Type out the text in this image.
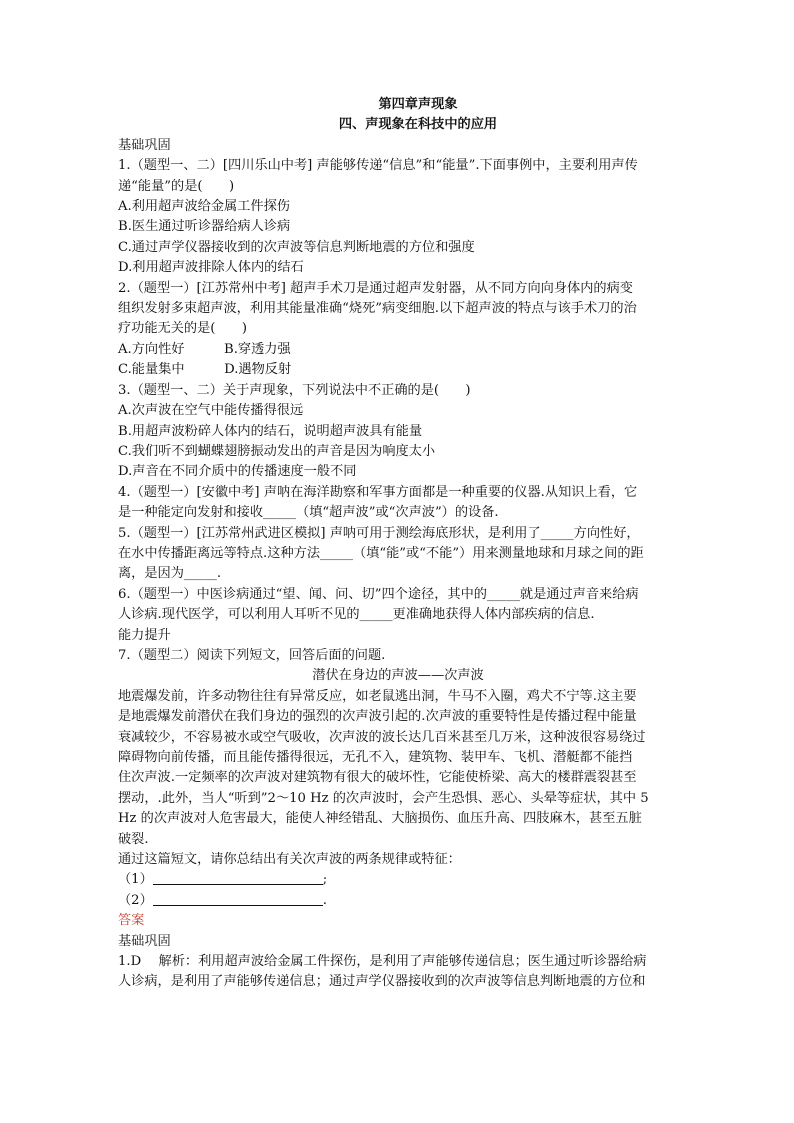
第四章声现象
四、声现象在科技中的应用

基础巩固

1.（题型一、二）[四川乐山中考] 声能够传递“信息”和“能量”.下面事例中，主要利用声传

递“能量”的是(　　)

A.利用超声波给金属工件探伤

B.医生通过听诊器给病人诊病

C.通过声学仪器接收到的次声波等信息判断地震的方位和强度

D.利用超声波排除人体内的结石

2.（题型一）[江苏常州中考] 超声手术刀是通过超声发射器，从不同方向向身体内的病变

组织发射多束超声波，利用其能量准确“烧死”病变细胞.以下超声波的特点与该手术刀的治

疗功能无关的是(　　)

A.方向性好　　　B.穿透力强

C.能量集中　　　D.遇物反射

3.（题型一、二）关于声现象，下列说法中不正确的是(　　)

A.次声波在空气中能传播得很远

B.用超声波粉碎人体内的结石，说明超声波具有能量

C.我们听不到蝴蝶翅膀振动发出的声音是因为响度太小

D.声音在不同介质中的传播速度一般不同

4.（题型一）[安徽中考] 声呐在海洋勘察和军事方面都是一种重要的仪器.从知识上看，它

是一种能定向发射和接收_____（填“超声波”或“次声波”）的设备.

5.（题型一）[江苏常州武进区模拟] 声呐可用于测绘海底形状，是利用了_____方向性好，

在水中传播距离远等特点.这种方法_____（填“能”或“不能”）用来测量地球和月球之间的距

离，是因为_____.

6.（题型一）中医诊病通过“望、闻、问、切”四个途径，其中的_____就是通过声音来给病

人诊病.现代医学，可以利用人耳听不见的_____更准确地获得人体内部疾病的信息.

能力提升

7.（题型二）阅读下列短文，回答后面的问题.

潜伏在身边的声波——次声波

地震爆发前，许多动物往往有异常反应，如老鼠逃出洞，牛马不入圈，鸡犬不宁等.这主要

是地震爆发前潜伏在我们身边的强烈的次声波引起的.次声波的重要特性是传播过程中能量

衰减较少，不容易被水或空气吸收，次声波的波长达几百米甚至几万米，这种波很容易绕过

障碍物向前传播，而且能传播得很远，无孔不入，建筑物、装甲车、飞机、潜艇都不能挡

住次声波.一定频率的次声波对建筑物有很大的破坏性，它能使桥梁、高大的楼群震裂甚至

摆动，.此外，当人“听到”2～10 Hz 的次声波时，会产生恐惧、恶心、头晕等症状，其中 5

Hz 的次声波对人危害最大，能使人神经错乱、大脑损伤、血压升高、四肢麻木，甚至五脏

破裂.

通过这篇短文，请你总结出有关次声波的两条规律或特征：

（1）	;

（2）	.

答案

基础巩固

1.D　 解析：利用超声波给金属工件探伤，是利用了声能够传递信息；医生通过听诊器给病

人诊病，是利用了声能够传递信息；通过声学仪器接收到的次声波等信息判断地震的方位和
